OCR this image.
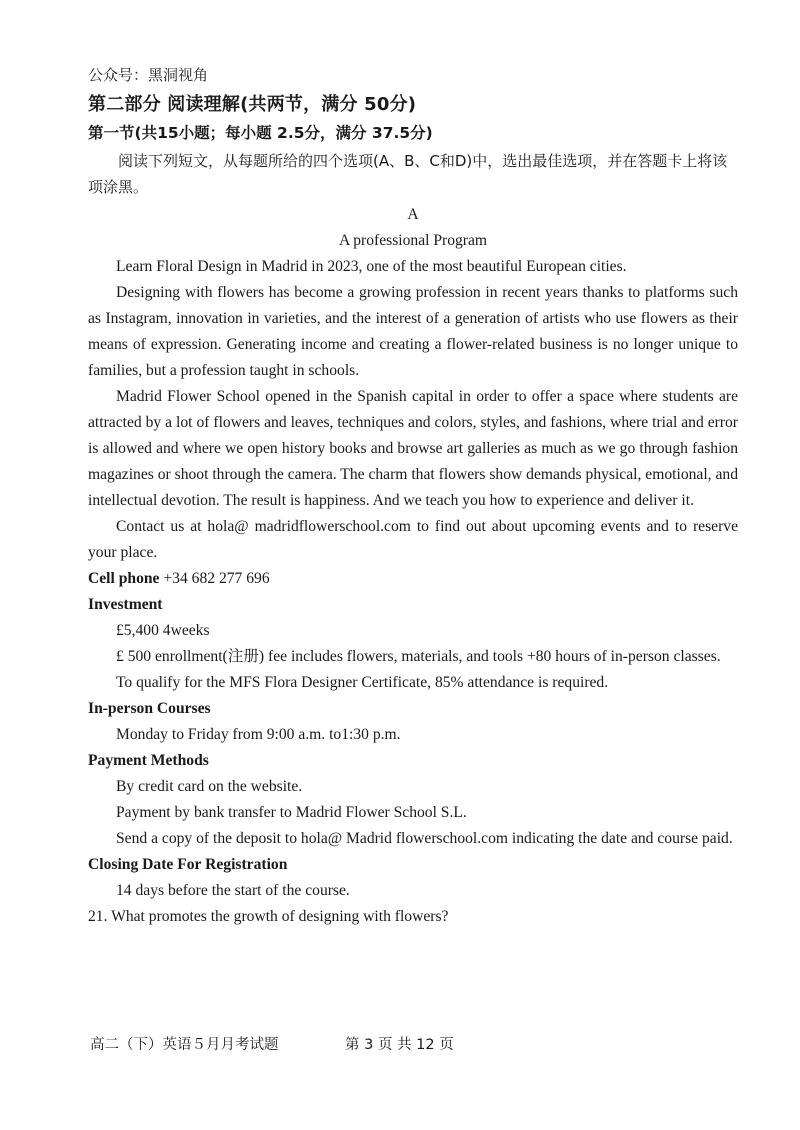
公众号：黑洞视角
第二部分 阅读理解(共两节，满分 50分)
第一节(共15小题；每小题 2.5分，满分 37.5分)
阅读下列短文，从每题所给的四个选项(A、B、C和D)中，选出最佳选项，并在答题卡上将该项涂黑。

A

A professional Program

Learn Floral Design in Madrid in 2023, one of the most beautiful European cities.

Designing with flowers has become a growing profession in recent years thanks to platforms such as Instagram, innovation in varieties, and the interest of a generation of artists who use flowers as their means of expression. Generating income and creating a flower-related business is no longer unique to families, but a profession taught in schools.

Madrid Flower School opened in the Spanish capital in order to offer a space where students are attracted by a lot of flowers and leaves, techniques and colors, styles, and fashions, where trial and error is allowed and where we open history books and browse art galleries as much as we go through fashion magazines or shoot through the camera. The charm that flowers show demands physical, emotional, and intellectual devotion. The result is happiness. And we teach you how to experience and deliver it.

Contact us at hola@ madridflowerschool.com to find out about upcoming events and to reserve your place.

Cell phone +34 682 277 696

Investment

£5,400 4weeks

£ 500 enrollment(注册) fee includes flowers, materials, and tools +80 hours of in-person classes.

To qualify for the MFS Flora Designer Certificate, 85% attendance is required.

In-person Courses

Monday to Friday from 9:00 a.m. to1:30 p.m.

Payment Methods

By credit card on the website.

Payment by bank transfer to Madrid Flower School S.L.

Send a copy of the deposit to hola@ Madrid flowerschool.com indicating the date and course paid.

Closing Date For Registration

14 days before the start of the course.

21. What promotes the growth of designing with flowers?

高二（下）英语５月月考试题	第 3 页 共 12 页
